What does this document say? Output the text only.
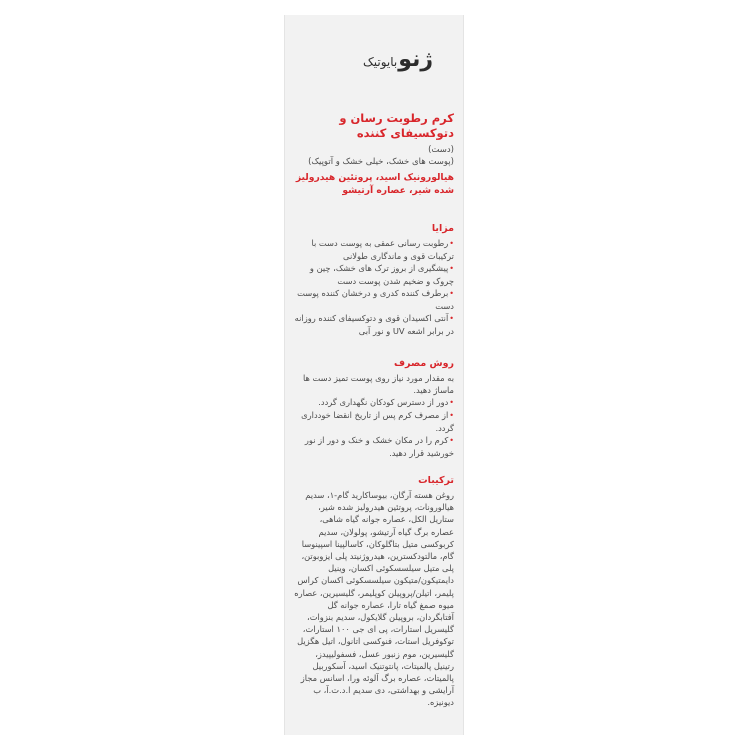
ژنوبایوتیک
کرم رطوبت رسان و دتوکسیفای کننده
(دست)
(پوست های خشک، خیلی خشک و آتوپیک)
هیالورونیک اسید، پروتئین هیدرولیز شده شیر، عصاره آرتیشو
مزایا
•رطوبت رسانی عمقی به پوست دست با ترکیبات قوی و ماندگاری طولانی
•پیشگیری از بروز ترک های خشک، چین و چروک و ضخیم شدن پوست دست
•برطرف کننده کدری و درخشان کننده پوست دست
•آنتی اکسیدان قوی و دتوکسیفای کننده روزانه در برابر اشعه UV و نور آبی
روش مصرف

به مقدار مورد نیاز روی پوست تمیز دست ها ماساژ دهید.

•دور از دسترس کودکان نگهداری گردد.
•از مصرف کرم پس از تاریخ انقضا خودداری گردد.
•کرم را در مکان خشک و خنک و دور از نور خورشید قرار دهید.
ترکیبات

روغن هسته آرگان، بیوساکارید گام-۱، سدیم هیالورونات، پروتئین هیدرولیز شده شیر، ستاریل الکل، عصاره جوانه گیاه شاهی، عصاره برگ گیاه آرتیشو، پولولان، سدیم کربوکسی متیل بتاگلوکان، کاسالپینا اسپینوسا گام، مالتودکسترین، هیدروژنیتد پلی ایزوبوتن، پلی متیل سیلسسکوئی اکسان، وینیل دایمتیکون/متیکون سیلسسکوئی اکسان کراس پلیمر، اتیلن/پروپیلن کوپلیمر، گلیسیرین، عصاره میوه صمغ گیاه تارا، عصاره جوانه گل آفتابگردان، بروپیلن گلایکول، سدیم بنزوات، گلیسریل استارات، پی ای جی ۱۰۰ استارات، توکوفریل استات، فنوکسی اتانول، اتیل هگزیل گلیسیرین، موم زنبور عسل، فسفولیپیدز، رتینیل پالمیتات، پانتوتنیک اسید، آسکوربیل پالمیتات، عصاره برگ آلوئه ورا، اسانس مجاز آرایشی و بهداشتی، دی سدیم ا.د.ت.آ، ب دیونیزه.
